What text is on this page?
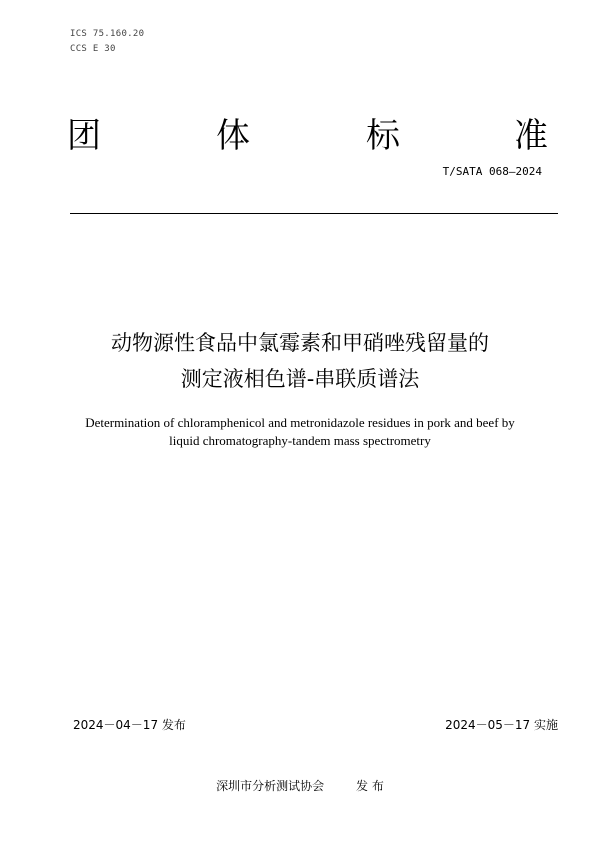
ICS 75.160.20
CCS E 30
团	体	标	准
T/SATA 068—2024
动物源性食品中氯霉素和甲硝唑残留量的
测定液相色谱-串联质谱法
Determination of chloramphenicol and metronidazole residues in pork and beef by
liquid chromatography-tandem mass spectrometry
2024－04－17 发布	2024－05－17 实施
深圳市分析测试协会	发 布
